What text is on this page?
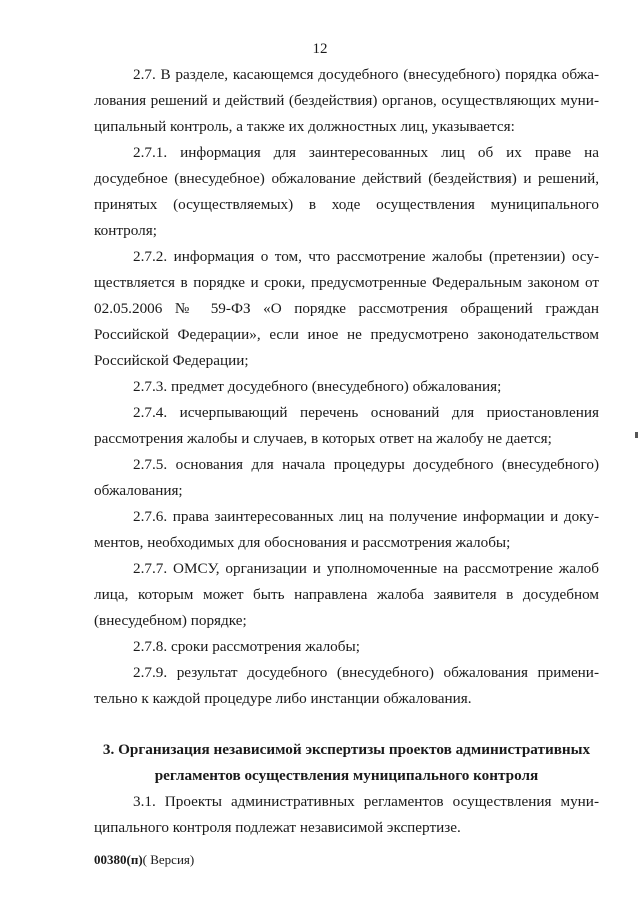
12

2.7. В разделе, касающемся досудебного (внесудебного) порядка обжалования решений и действий (бездействия) органов, осуществляющих муниципальный контроль, а также их должностных лиц, указывается:

2.7.1. информация для заинтересованных лиц об их праве на досудебное (внесудебное) обжалование действий (бездействия) и решений, принятых (осуществляемых) в ходе осуществления муниципального контроля;

2.7.2. информация о том, что рассмотрение жалобы (претензии) осуществляется в порядке и сроки, предусмотренные Федеральным законом от 02.05.2006 № 59-ФЗ «О порядке рассмотрения обращений граждан Российской Федерации», если иное не предусмотрено законодательством Российской Федерации;

2.7.3. предмет досудебного (внесудебного) обжалования;

2.7.4. исчерпывающий перечень оснований для приостановления рассмотрения жалобы и случаев, в которых ответ на жалобу не дается;

2.7.5. основания для начала процедуры досудебного (внесудебного) обжалования;

2.7.6. права заинтересованных лиц на получение информации и документов, необходимых для обоснования и рассмотрения жалобы;

2.7.7. ОМСУ, организации и уполномоченные на рассмотрение жалоб лица, которым может быть направлена жалоба заявителя в досудебном (внесудебном) порядке;

2.7.8. сроки рассмотрения жалобы;

2.7.9. результат досудебного (внесудебного) обжалования применительно к каждой процедуре либо инстанции обжалования.

3. Организация независимой экспертизы проектов административных
регламентов осуществления муниципального контроля

3.1. Проекты административных регламентов осуществления муниципального контроля подлежат независимой экспертизе.

00380(п)( Версия)
